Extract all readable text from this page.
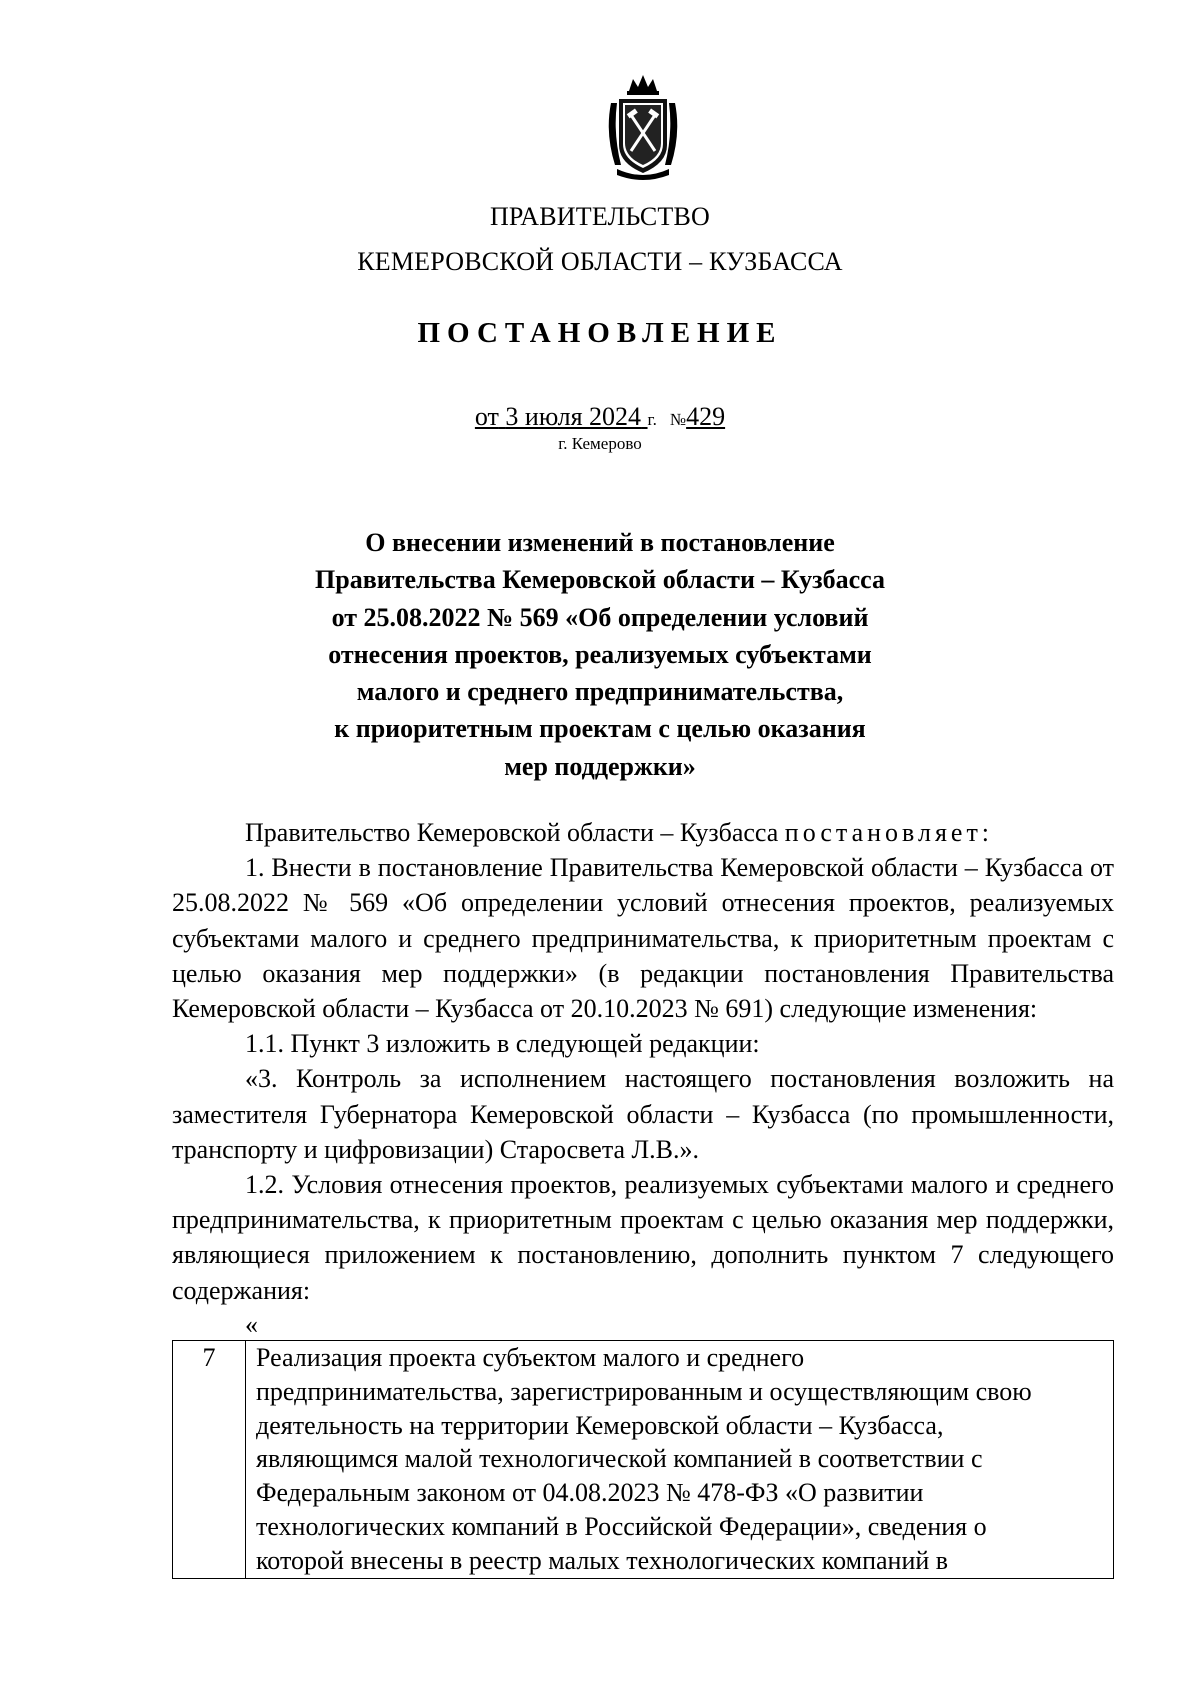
ПРАВИТЕЛЬСТВО
КЕМЕРОВСКОЙ ОБЛАСТИ – КУЗБАССА
ПОСТАНОВЛЕНИЕ
от 3 июля 2024 г. №429
г. Кемерово
О внесении изменений в постановление
Правительства Кемеровской области – Кузбасса
от 25.08.2022 № 569 «Об определении условий
отнесения проектов, реализуемых субъектами
малого и среднего предпринимательства,
к приоритетным проектам с целью оказания
мер поддержки»

Правительство Кемеровской области – Кузбасса постановляет:

1. Внести в постановление Правительства Кемеровской области – Кузбасса от 25.08.2022 № 569 «Об определении условий отнесения проектов, реализуемых субъектами малого и среднего предпринимательства, к приоритетным проектам с целью оказания мер поддержки» (в редакции постановления Правительства Кемеровской области – Кузбасса от 20.10.2023 № 691) следующие изменения:

1.1. Пункт 3 изложить в следующей редакции:

«3. Контроль за исполнением настоящего постановления возложить на заместителя Губернатора Кемеровской области – Кузбасса (по промышленности, транспорту и цифровизации) Старосвета Л.В.».

1.2. Условия отнесения проектов, реализуемых субъектами малого и среднего предпринимательства, к приоритетным проектам с целью оказания мер поддержки, являющиеся приложением к постановлению, дополнить пунктом 7 следующего содержания:

«
7	Реализация проекта субъектом малого и среднего
предпринимательства, зарегистрированным и осуществляющим свою
деятельность на территории Кемеровской области – Кузбасса,
являющимся малой технологической компанией в соответствии с
Федеральным законом от 04.08.2023 № 478-ФЗ «О развитии
технологических компаний в Российской Федерации», сведения о
которой внесены в реестр малых технологических компаний в
